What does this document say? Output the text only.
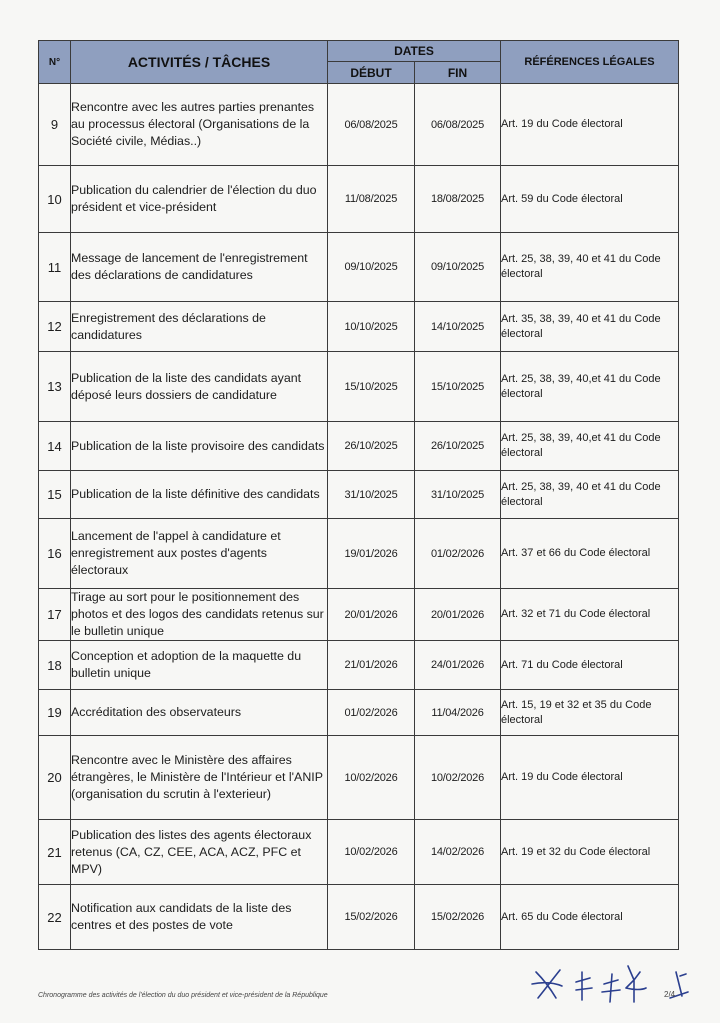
N°	ACTIVITÉS / TÂCHES	DATES		RÉFÉRENCES LÉGALES
		DÉBUT	FIN	
9	Rencontre avec les autres parties prenantes au processus électoral (Organisations de la Société civile, Médias..)	06/08/2025	06/08/2025	Art. 19 du Code électoral
10	Publication du calendrier de l'élection du duo président et vice-président	11/08/2025	18/08/2025	Art. 59 du Code électoral
11	Message de lancement de l'enregistrement des déclarations de candidatures	09/10/2025	09/10/2025	Art. 25, 38, 39, 40 et 41 du Code électoral
12	Enregistrement des déclarations de candidatures	10/10/2025	14/10/2025	Art. 35, 38, 39, 40 et 41 du Code électoral
13	Publication de la liste des candidats ayant déposé leurs dossiers de candidature	15/10/2025	15/10/2025	Art. 25, 38, 39, 40,et 41 du Code électoral
14	Publication de la liste provisoire des candidats	26/10/2025	26/10/2025	Art. 25, 38, 39, 40,et 41 du Code électoral
15	Publication de la liste définitive des candidats	31/10/2025	31/10/2025	Art. 25, 38, 39, 40 et 41 du Code électoral
16	Lancement de l'appel à candidature et enregistrement aux postes d'agents électoraux	19/01/2026	01/02/2026	Art. 37 et 66 du Code électoral
17	Tirage au sort pour le positionnement des photos et des logos des candidats retenus sur le bulletin unique	20/01/2026	20/01/2026	Art. 32 et 71 du Code électoral
18	Conception et adoption de la maquette du bulletin unique	21/01/2026	24/01/2026	Art. 71 du Code électoral
19	Accréditation des observateurs	01/02/2026	11/04/2026	Art. 15, 19 et 32 et 35 du Code électoral
20	Rencontre avec le Ministère des affaires étrangères, le Ministère de l'Intérieur et l'ANIP (organisation du scrutin à l'exterieur)	10/02/2026	10/02/2026	Art. 19 du Code électoral
21	Publication des listes des agents électoraux retenus (CA, CZ, CEE, ACA, ACZ, PFC et MPV)	10/02/2026	14/02/2026	Art. 19 et 32 du Code électoral
22	Notification aux candidats de la liste des centres et des postes de vote	15/02/2026	15/02/2026	Art. 65 du Code électoral
Chronogramme des activités de l'élection du duo président et vice-président de la République	2/4
